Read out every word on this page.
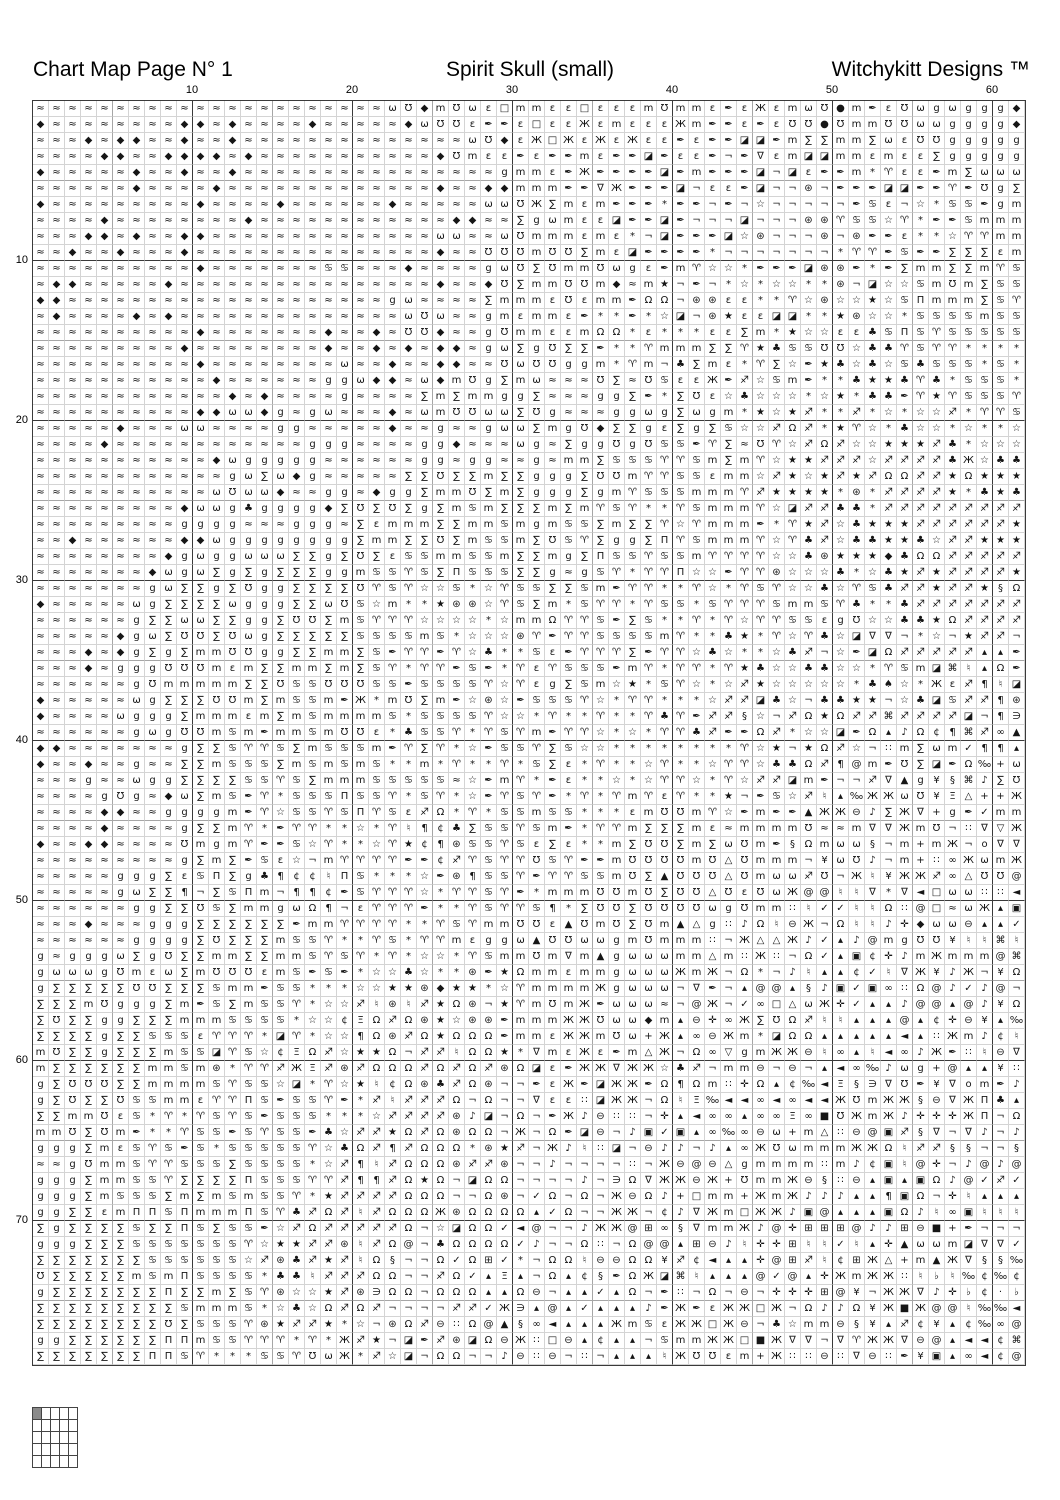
Chart Map Page N° 1	Spirit Skull (small)	Witchykitt Designs ™
10	20	30	40	50	60
10
20
30
40
50
60
70
≈ ≈ ≈ ≈ ≈ ≈ ≈ ≈ ≈ ≈ ≈ ≈ ≈ ≈ ≈ ≈ ≈ ≈ ≈ ≈ ≈ ≈ ω Ʊ ◆ m Ʊ ω ε □ m m ε	ε □ ε	ε	ε m Ʊ m m ε ✒ ε Ж ε m ω Ʊ ● m ✒ ε Ʊ ω g ω g g g ◆
◆ ≈ ≈ ≈ ≈ ≈ ≈ ≈ ≈ ◆ ◆ ≈ ◆ ≈ ≈ ≈ ≈ ◆ ≈ ≈ ≈ ≈ ≈ ◆ ω Ʊ Ʊ ε ✒ ✒ ε □ ε	ε Ж ε m ε	ε	ε Ж m ✒ ✒ ε ✒ ε Ʊ Ʊ ● Ʊ m m Ʊ Ʊ ω ω g g g g ◆
≈ ≈ ≈ ◆ ≈ ◆ ◆ ≈ ≈ ◆ ≈ ≈ ◆ ≈ ≈ ≈ ≈ ≈ ≈ ≈ ≈ ≈ ≈ ≈ ≈ ≈ ≈ ω Ʊ ◆ ε Ж □ Ж ε Ж ε Ж ε	ε ✒ ε ✒ ✒ ◪ ◪ ✒ m ∑ ∑ m m ∑ ω ε Ʊ Ʊ g g g g g
≈ ≈ ≈ ≈ ◆ ◆ ≈ ≈ ◆ ◆ ◆ ◆ ≈ ◆ ≈ ≈ ≈ ≈ ≈ ≈ ≈ ≈ ≈ ≈ ≈ ◆ Ʊ m ε	ε ✒ ε ✒ ✒ m ε ✒ ✒ ◪ ✒ ε	ε ✒ ¬ ✒ ∇ ε m ◪ ◪ m m ε m ε	ε ∑ g g g g g
◆ ≈ ≈ ≈ ≈ ≈ ◆ ≈ ≈ ◆ ≈ ≈ ◆ ≈ ≈ ≈ ≈ ≈ ≈ ≈ ≈ ≈ ≈ ≈ ≈ ≈ ≈ ≈ ≈ g m m ε ✒ Ж ✒ ✒ ✒ ✒ ◪ ✒ m ✒ ✒ ✒ ◪ ¬ ◪ ε ✒ ✒ m * ♈ ε	ε ✒ m ∑ ω ω ω
≈ ≈ ≈ ≈ ≈ ≈ ◆ ≈ ≈ ≈ ≈ ◆ ≈ ≈ ≈ ≈ ≈ ≈ ≈ ≈ ≈ ≈ ≈ ≈ ≈ ◆ ≈ ≈ ◆ ◆ m m m ✒ ✒ ∇ Ж ✒ ✒ ✒ ◪ ¬ ε	ε ✒ ◪ ¬ ¬ ⊛ ¬ ✒ ✒ ✒ ◪ ◪ ✒ ✒ ♈ ✒ Ʊ g ∑
◆ ≈ ≈ ≈ ≈ ≈ ≈ ≈ ≈ ≈ ◆ ≈ ≈ ≈ ≈ ◆ ≈ ≈ ≈ ≈ ≈ ≈ ◆ ≈ ≈ ≈ ≈ ≈ ω ω Ʊ Ж ∑ m ε m ✒ ✒ ✒ * ✒ ✒ ¬ ✒ ¬ ☆ ¬ ¬ ¬ ¬ ¬ ✒ ♋ ε ¬ ☆ * ♋ ♋ ✒ g m
≈ ≈ ≈ ≈ ◆ ≈ ≈ ≈ ≈ ≈ ≈ ≈ ≈ ◆ ≈ ≈ ≈ ≈ ≈ ≈ ≈ ≈ ≈ ≈ ≈ ≈ ◆ ◆ ≈ ≈ ∑ g ω m ε	ε ◪ ✒ ✒ ◪ ✒ ¬ ¬ ¬ ◪ ¬ ¬ ¬ ⊛ ⊛ ♈ ♋ ♋ ☆ ♈ * ✒ ✒ ♋ m m m
≈ ≈ ≈ ◆ ◆ ≈ ◆ ≈ ≈ ◆ ◆ ≈ ≈ ≈ ≈ ≈ ≈ ≈ ≈ ≈ ≈ ≈ ≈ ≈ ≈ ω ω ≈ ≈ ω Ʊ m m m ε m ε	* ¬ ◪ ✒ ✒ ✒ ◪ ☆ ⊛ ¬ ¬ ¬ ⊛ ¬ ⊛ ✒ ✒ ε	*	* ☆ ♈ ♈ m m
≈ ≈ ◆ ≈ ≈ ◆ ≈ ≈ ≈ ◆ ≈ ≈ ≈ ≈ ≈ ≈ ≈ ≈ ≈ ≈ ≈ ≈ ≈ ≈ ≈ ◆ ≈ ≈ Ʊ Ʊ Ʊ m Ʊ Ʊ ∑ m ε ◪ ✒ ✒ ✒ ✒ * ¬ ¬ ¬ ¬ ¬ ¬ ¬ * ♈ ♈ ✒ ♋ ✒ ✒ ∑ ∑ ∑ ε m
≈ ≈ ≈ ≈ ≈ ≈ ≈ ≈ ≈ ≈ ◆ ≈ ≈ ≈ ≈ ≈ ≈ ≈ ♋ ♋ ≈ ≈ ≈ ◆ ≈ ≈ ≈ ≈ g ω Ʊ ∑ Ʊ m m Ʊ ω g	ε ✒ m ♈ ☆ ☆ * ✒ ✒ ✒ ◪ ⊛ ⊛ ✒ * ✒ ∑ m m ∑ ∑ m ♈ ♋
≈ ◆ ◆ ≈ ≈ ≈ ≈ ≈ ◆ ≈ ≈ ≈ ≈ ≈ ≈ ≈ ≈ ≈ ≈ ≈ ≈ ≈ ≈ ≈ ≈ ◆ ≈ ≈ ◆ Ʊ ∑ m m Ʊ Ʊ m ◆ ≈ m ★ ¬ ✒ ¬ * ☆ * ☆ ☆ *	* ⊛ ¬ ◪ ☆ ☆ ♋ m Ʊ m ∑ ♋ ♋
◆ ◆ ≈ ≈ ≈ ≈ ≈ ≈ ≈ ≈ ≈ ≈ ≈ ≈ ≈ ≈ ≈ ≈ ≈ ≈ ≈ ≈ g ω ≈ ≈ ≈ ≈ ∑ m m m ε Ʊ ε m m ✒ Ω Ω ¬ ⊛ ⊛ ε	ε	*	* ♈ ☆ ⊛ ☆ ☆ ★ ☆ ♋ Π m m m ∑ ♋ ♈
≈ ◆ ≈ ≈ ≈ ≈ ◆ ≈ ◆ ≈ ≈ ≈ ≈ ≈ ≈ ≈ ≈ ≈ ≈ ≈ ≈ ≈ ≈ ω Ʊ ω ≈ ≈ g m ε m m ε ✒ *	* ✒ * ☆ ◪ ¬ ⊛ ★ ε	ε ◪ ◪ *	* ★ ⊛ ☆ ☆ * ♋ ♋ ♋ ♋ m ♋ ♋
≈ ≈ ≈ ≈ ≈ ≈ ≈ ≈ ≈ ≈ ◆ ≈ ≈ ≈ ≈ ≈ ≈ ≈ ◆ ≈ ≈ ◆ ≈ Ʊ Ʊ ◆ ≈ ≈ g Ʊ m m ε	ε m Ω Ω *	ε	*	*	*	ε	ε ∑ m * ★ ☆ ☆ ε	ε ♣ ♋ Π ♋ ♈ ♋ ♋ ♋ ♋ ♋
≈ ≈ ≈ ≈ ≈ ≈ ≈ ≈ ≈ ◆ ≈ ≈ ≈ ≈ ≈ ≈ ≈ ≈ ◆ ≈ ≈ ◆ ≈ ◆ ≈ ◆ ◆ ≈ g ω ∑ g Ʊ ∑ ∑ ✒ *	* ♈ m m m ∑ ∑ ♈ ★ ♣ ♋ ♋ Ʊ Ʊ ☆ ♣ ♣ ♈ ♋ ♈ ♈ *	*	*	*
≈ ≈ ≈ ≈ ≈ ≈ ≈ ≈ ≈ ≈ ◆ ≈ ≈ ≈ ≈ ≈ ≈ ≈ ≈ ω ≈ ≈ ◆ ≈ ≈ ◆ ◆ ≈ ≈ Ʊ ω Ʊ Ʊ g g m * ♈ m ¬ ♣ ∑ m ε	* ♈ ∑ ☆ ✒ ★ ♣ ☆ ♣ ☆ ♋ ♣ ♋ ♋ ♋ * ♋ *
≈ ≈ ≈ ≈ ≈ ≈ ≈ ≈ ≈ ≈ ≈ ◆ ≈ ≈ ≈ ≈ ≈ ≈ g g ω ◆ ◆ ≈ ω ◆ m Ʊ g ∑ m ω ≈ ≈ ≈ Ʊ ∑ ≈ Ʊ ♋ ε	ε Ж ✒ ♐ ☆ ♋ m ✒ *	* ♣ ★ ★ ♣ ♈ ♣ * ♋ ♋ ♋ *
≈ ≈ ≈ ≈ ≈ ≈ ≈ ≈ ≈ ≈ ≈ ≈ ◆ ≈ ◆ ≈ ≈ ≈ ≈ g ≈ ≈ ≈ ≈ ∑ m ∑ m m g g ∑ ≈ ≈ ≈ g g ∑ ✒ *	∑ Ʊ ε ☆ ♣ ☆ ☆ ☆ * ☆ ★ * ♣ ♣ ✒ ♈ ★ ♈ ♋ ♋ ♋ ♈
≈ ≈ ≈ ≈ ≈ ≈ ≈ ≈ ≈ ≈ ◆ ◆ ω ω ◆ g ≈ g ω ≈ ≈ ≈ ◆ ≈ ω m Ʊ Ʊ ω ω ∑ Ʊ g ≈ ≈ ≈ g g ω g ∑ ω g m * ★ ☆ ★ ♐ *	* ♐ * ☆ * ☆ ☆ ♐ * ♈ ♈ ♋
≈ ≈ ≈ ≈ ≈ ◆ ≈ ≈ ≈ ω ω ≈ ≈ ≈ ≈ g g ≈ ≈ ≈ ≈ ≈ ◆ ≈ ≈ g ≈ ≈ g ω ω ∑ m g Ʊ ◆ ∑ ∑ g	ε ∑ g ∑ ♋ ☆ ☆ ♐ Ω ♐ * ★ ♈ ☆ * ♣ ☆ ☆ * ☆ *	* ☆
≈ ≈ ≈ ≈ ◆ ≈ ≈ ≈ ≈ ≈ ≈ ≈ ≈ ≈ ≈ ≈ ≈ g g g ≈ ≈ ≈ ≈ g g ◆ ≈ ≈ ≈ ω g ≈ ∑ g g Ʊ g Ʊ ♋ ♋ ✒ ♈ ∑ ≈ Ʊ ♈ ☆ ♐ Ω ♐ ☆ ☆ ★ ★ ★ ♐ ♣ * ☆ ☆ ☆
≈ ≈ ≈ ≈ ≈ ≈ ≈ ≈ ≈ ≈ ≈ ◆ ω g g g g g ≈ ≈ ≈ ≈ ≈ ≈ g g ≈ g g ≈ ≈ g ≈ m m ∑ ♋ ♋ ♋ ♈ ♈ ♋ m ∑ m ♈ ☆ ★ ★ ♐ ♐ ♐ ☆ ♐ ♐ ♐ ♐ ♣ Ж ☆ ♣ ♣
≈ ≈ ≈ ≈ ≈ ≈ ≈ ≈ ≈ ≈ ≈ ≈ g ω ∑ ω ◆ g ≈ ≈ ≈ ≈ ≈ ∑ ∑ Ʊ ∑ ∑ m ∑ ∑ g g g ∑ Ʊ Ʊ m ♈ ♈ ♋ ♋ ε m m ☆ ♐ ★ ☆ ★ ♐ ★ ♐ Ω Ω ♐ ♐ ★ Ω ★ ★ ★
≈ ≈ ≈ ≈ ≈ ≈ ≈ ≈ ≈ ≈ ≈ ω Ʊ ω ω ◆ ≈ ≈ g g ≈ ◆ g g ∑ m m Ʊ ∑ m ∑ g g g ∑ g m ♈ ♋ ♋ ♋ m m m ♈ ♐ ★ ★ ★ ★ * ⊛ * ♐ ♐ ♐ ♐ ★ * ♣ ★ ♣
≈ ≈ ≈ ≈ ≈ ≈ ≈ ≈ ≈ ◆ ω ω g ♣ g g g g ◆ ∑ Ʊ ∑ Ʊ ∑ g ∑ m ♋ m ∑ ∑ ∑ m ∑ m ♈ ♋ ♈ *	* ♈ ♋ m m m ♈ ☆ ◪ ♐ ♐ ♣ ♣ * ♐ ♐ ♐ ♐ ♐ ♐ ♐ ♐ ♐
≈ ≈ ≈ ≈ ≈ ≈ ≈ ≈ ≈ g g g g ≈ ≈ ≈ g g g ≈ ∑ ε m m m ∑ ∑ m m ♋ m g m ♋ ♋ ∑ m ∑ ∑ ♈ ☆ ♈ m m m ✒ * ♈ ★ ♐ ☆ ♣ ★ ★ ★ ♐ ♐ ♐ ♐ ♐ ♐ ★
≈ ≈ ◆ ≈ ≈ ≈ ≈ ≈ ≈ ◆ ◆ ω g g g g g g g g ∑ m m ∑ ∑ Ʊ ∑ m ♋ ♋ m ∑ Ʊ ♋ ♈ ∑ g g ∑ Π ♈ ♋ m m m ♈ ☆ ♈ ♣ ♐ ☆ ♣ ♣ ★ ★ ♣ ☆ ♐ ♐ ★ ★ ★
≈ ≈ ≈ ≈ ≈ ≈ ≈ ≈ ◆ g ω g g ω ω ω ∑ ∑ g ∑ Ʊ ∑ ε ♋ ♋ m m ♋ ♋ m ∑ ∑ m g ∑ Π ♋ ♋ ♈ ♋ ♋ m ♈ ♈ ♈ ♈ ☆ ☆ ♣ ⊛ ★ ★ ★ ◆ ♣ Ω Ω ♐ ♐ ♐ ♐ ♐
≈ ≈ ≈ ≈ ≈ ≈ ≈ ◆ ω g ω ∑ g ∑ g ∑ ∑ ∑ g g m ♋ ♋ ♈ ♋ ∑ Π ♋ ♋ ♋ ∑ ∑ g ≈ g ♋ ♈ * ♈ ♈ Π ☆ ☆ ✒ ♈ ♈ ⊛ ☆ ☆ ☆ ♣ * ☆ ♣ ★ ♐ ★ ♐ ♐ ♐ ♐ ★
≈ ≈ ≈ ≈ ≈ ≈ ≈ g ω ∑ ∑ g ∑ Ʊ g g ∑ ∑ ∑ ∑ Ʊ ♈ ♋ ♈ ☆ ☆ ♋ * ☆ ♈ ♋ ♋ ∑ ∑ ♋ m ✒ ♈ ♈ *	* ♈ ☆ * ♈ ♋ ♈ ☆ ☆ ♣ ☆ ♈ ♋ ♣ ♐ ♐ ★ ♐ ♐ ★ § Ω
◆ ≈ ≈ ≈ ≈ ≈ ω g ∑ ∑ ∑ ∑ ω g g g ∑ ∑ ω Ʊ ♋ ☆ m *	* ★ ⊛ ⊛ ☆ ♈ ♋ ∑ m * ♋ ♈ ♈ * ♈ ♋ ♋ * ♋ ♈ ♈ ♈ ♋ m m ♋ ♈ ♣ *	* ♣ ♐ ♐ ♐ ♐ ♐ ♐ ♐
≈ ≈ ≈ ≈ ≈ ≈ g ∑ ∑ ω ω ∑ ∑ g g ∑ Ʊ Ʊ ∑ m ♋ ♈ ♈ ♈ ☆ ☆ ☆ ☆ * ☆ m m Ω ♈ ♈ ♋ ✒ ∑ ♋ *	* ♈ * ♈ ☆ ♈ ♈ ♋ ♋ ε	g Ʊ ☆ ☆ ♣ ♣ ★ Ω ♐ ♐ ♐ ♐
≈ ≈ ≈ ≈ ≈ ◆ g ω ∑ Ʊ Ʊ ∑ Ʊ ω g ∑ ∑ ∑ ∑ ∑ ♋ ♋ ♋ ♋ m ♋ * ☆ ☆ ☆ ⊛ ♈ ✒ ♈ ♈ ♋ ♋ ♋ ♋ m ♈ *	* ♣ ★ * ♈ ☆ ♈ ♣ ☆ ◪ ∇ ∇ ¬ * ☆ ¬ ★ ♐ ♐ ¬
≈ ≈ ≈ ◆ ≈ ◆ g ∑ g ∑ m m Ʊ Ʊ g g ∑ ∑ m m ∑ ♋ ✒ ♈ ♈ ✒ ♈ ☆ ♣ *	* ♋ ε ✒ ♈ ♈ ♈ ∑ ✒ ♈ ♈ ☆ ♣ ☆ *	* ☆ ♣ ♐ ¬ ☆ ✒ ◪ Ω ♐ ♐ ♐ ♐ ♐ ▴	▴ ✒
≈ ≈ ≈ ◆ ≈ g g g Ʊ Ʊ Ʊ m ε m ∑ ∑ m m ∑ m ∑ ♋ ♈ * ♈ ♈ ✒ ♋ ✒ * ♈ ε ♈ ♋ ♋ ♋ ✒ m ♈ * ♈ ♈ * ♈ ★ ♣ ☆ ☆ ♣ ♣ ☆ ☆ * ♈ ♋ m ◪ ⌘ ♮	▴ Ω ✒
≈ ≈ ≈ ≈ ≈ ≈ g Ʊ m m m m m ∑ ∑ Ʊ ♋ ♋ Ʊ Ʊ Ʊ ♋ ♋ ✒ ♋ ♋ ♋ ♋ ♈ ☆ ♈ ε	g ∑ ♋ m ☆ ★ * ♋ ♈ ☆ * ☆ ♐ ★ ☆ ☆ ☆ ☆ ☆ * ♣ ♠ ☆ * Ж ε ♐ ¶	♮ ◪
◆ ≈ ≈ ≈ ≈ ≈ ω g ∑ ∑ ∑ Ʊ Ʊ m ∑ m ♋ ♋ m ✒ Ж * m Ʊ ∑ m ✒ ☆ ⊛ ☆ ✒ ♋ ♋ ♋ ♈ ☆ * ♈ ♈ *	*	* ☆ ♐ ♐ ◪ ♣ ☆ ¬ ♣ ♣ ★ ★ ¬ ☆ ♣ ◪ ♋ ♐ ♐ ¶ ⊛
◆ ≈ ≈ ≈ ≈ ω g g g ∑ m m m ε m ∑ m ♋ m m m m ♋ * ♋ ♋ ♋ ♋ ♈ ☆ ☆ * ♈ *	* ♈ *	* ♈ ♣ ♈ ✒ ♐ ♐ § ☆ ¬ ♐ Ω ★ Ω ♐ ♐ ⌘ ♐ ♐ ♐ ♐ ◪ ¬ ¶ ∋
≈ ≈ ≈ ≈ ≈ ≈ g ω g Ʊ Ʊ m ♋ m ✒ m m ♋ m Ʊ Ʊ ε	* ♣ ♋ ♋ ♈ * ♈ ♋ ♈ m ✒ ♈ ♈ ☆ * ☆ * ♈ ♈ ♣ ♐ ✒ ✒ Ω ♐ * ☆ ☆ ◪ ✒ Ω ▴	♪ Ω ¢ ¶ ⌘ ♐ ∞ ▲
◆ ◆ ≈ ≈ ≈ ≈ ≈ ≈ ≈ g ∑ ∑ ♋ ♈ ♈ ♋ ∑ m ♋ ♋ ♋ m ✒ ♈ ∑ ♈ * ☆ ✒ ♋ ♋ ♈ ∑ ♋ ☆ ☆ *	*	*	*	*	*	*	* ♈ ☆ ★ ¬ ★ Ω ♐ ☆ ¬ ∷ m ∑ ω m ✓ ¶ ¶	▴
◆ ≈ ≈ ◆ ≈ ≈ g ≈ ≈ ∑ ∑ m ♋ ♋ ♋ ∑ m ♋ m ♋ m ♋ *	* m * ♈ *	* ♈ * ♋ ∑ ε	* ♈ *	* ☆ ♈ *	* ☆ ♈ ♈ ☆ ♣ ♣ Ω ♐ ¶ @ m ✒ Ʊ ∑ ◪ ✒ Ω ‰ + ω
≈ ≈ ≈ g ≈ ≈ ω g g ∑ ∑ ∑ ∑ ♋ ♋ ♈ ♋ ∑ m m m ♋ ♋ ♋ ♋ ♋ ≈ ☆ ✒ m ♈ * ✒ ε	*	* ☆ * ☆ ♈ ♈ ☆ * ♈ ☆ ♐ ♐ ◪ m ✒ ¬ ¬ ♐ ∇ ▲ g ¥	§ ⌘ ♪ ∑ Ʊ
≈ ≈ ≈ ≈ g Ʊ g ≈ ◆ ω ∑ m ♋ ✒ ♈ * ♋ ♋ ♋ Π ♋ ♋ ♈ * ♋ ♈ * ☆ ✒ ♈ ♋ ♈ ✒ * ♈ * ♈ m ♈ ε ♈ *	* ★ ¬ ✒ ♋ ☆ ♐ ♮	▴ ‰ Ж Ж ω Ʊ ¥ Ξ △ + + Ж
≈ ≈ ≈ ≈ ◆ ◆ ≈ ≈ g g g g m ✒ ♈ ☆ ♋ ♋ ♈ ♋ Π ♈ ♋ ε ♐ Ω * ♈ * ♋ ♋ m ♋ ♋ *	*	*	ε m Ʊ Ʊ m ♈ ☆ ✒ m ✒ ✒ ▲ Ж Ж ⊖ ♪ ∑ Ж ∇ + g ✒ ✓ m m
≈ ≈ ≈ ≈ ◆ ≈ ≈ ≈ ≈ g ∑ ∑ m ♈ * ✒ ♈ ♈ *	* ☆ * ♈ ♮	¶ ¢ ♣ ∑ ♋ ♋ ♈ ♋ m ✒ * ♈ ♈ m ∑ ∑ ∑ m ε ≈ m m m m Ʊ ≈ ≈ m ∇ ∇ Ж m Ʊ ¬ ∷ ∇ ▽ Ж
◆ ≈ ≈ ◆ ◆ ≈ ≈ ≈ ≈ Ʊ m g m ♈ ✒ ✒ ♋ ☆ ♈ *	* ☆ ♈ ★ ¢ ¶ ⊛ ♋ ♋ ♈ ♋ ε ∑ ε	*	* m ∑ Ʊ Ʊ ∑ m ∑ ω Ʊ m ✒ § Ω m ω ω § ¬ m + m Ж ¬ o ∇ ∇
≈ ≈ ≈ ≈ ≈ ≈ ≈ ≈ ≈ g ∑ m ∑ ✒ ♋ ε ☆ ¬ m ♈ ♈ ♈ ♈ ✒ ✒ ¢ ♐ ♈ ♋ ♈ ♈ Ʊ ♋ ♈ ✒ ✒ m Ʊ Ʊ Ʊ Ʊ m Ʊ △ Ʊ m m m ¬ ¥ ω Ʊ ♪ ¬ m + ∷ ∞ Ж ω m Ж
≈ ≈ ≈ ≈ ≈ g g g ∑ ε ♋ Π ∑ g ♣ ¶ ¢ ¢	♮	Π ♋ *	*	* ☆ ✒ ⊛ ¶ ♋ ♋ ♈ ✒ ♈ ♈ ♋ ♋ m Ʊ ∑ ▲ Ʊ Ʊ Ʊ △ Ʊ m ω ω ♐ Ʊ ¬ Ж ♮	¥ Ж Ж ♐ ∞ △ Ʊ Ʊ @
≈ ≈ ≈ ≈ ≈ g ω ∑ ∑ ¶ ¬ ∑ ♋ Π m ¬ ¶ ¶ ¢ ✒ ♋ ♈ ♈ ♈ ☆ * ♈ ♈ ♋ ♈ ✒ * m m m Ʊ Ʊ m Ʊ ∑ Ʊ Ʊ △ Ʊ ε Ʊ ω Ж @ @ ♮	♮	∇	*	∇ ◄ □ ω ω ∷ ∷ ◄
≈ ≈ ≈ ≈ ≈ ≈ g g ∑ ∑ Ʊ ♋ ∑ m m g ω Ω ¶ ¬ ε ♈ ♈ ♈ ✒ *	* ♈ ♋ ♈ ♈ ♋ ¶	*	∑ Ʊ Ʊ ∑ Ʊ Ʊ Ʊ Ʊ ω g Ʊ m m ∷	♮	✓ ✓	♮	♮	Ω ∷ @ □ ≈ ω Ж ▴ ▣
≈ ≈ ≈ ◆ ≈ ≈ ≈ g g g ∑ ∑ ∑ ∑ ∑ ∑ ✒ m m ♈ ♈ ♈ ♈ *	* ♈ ♋ ♈ m m Ʊ Ʊ ε ▲ Ʊ m Ʊ ∑ Ʊ m ▲ △ g ∷ ♪ Ω	♮	⊖ Ж ¬ Ω	♮	♮	♪ ✛ ◆ ω ω ⊖ ▴	▴ ✓
≈ ≈ ≈ ≈ ≈ ≈ g g g g ∑ Ʊ ∑ ∑ ∑ m ♋ ♋ ♈ *	* ♈ ♋ * ♈ ♈ m ε	g g ω ▲ Ʊ Ʊ ω ω g m Ʊ m m m ∷ ¬ Ж △ △ Ж ♪ ✓ ▴	♪ @ m g Ʊ Ʊ ¥	♮	♮ ⌘ ♮
g ≈ g g g ω ∑ g Ʊ ∑ ∑ m m ∑ ∑ m m ♋ ♈ ♋ ♈ * ♈ * ☆ ☆ * ♈ ♋ m m Ʊ m ∇ m ▲ g ω ω ω m m △ m ∷ Ж ∷ ¬ Ω ✓ ▴ ▣ ¢ ✛ ♪ m Ж m m m @ ⌘
g ω ω ω g Ʊ m ε ω ∑ m Ʊ Ʊ Ʊ ε m ♋ ✒ ♋ ✒ * ☆ ☆ ♣ ☆ *	* ⊛ ✒ ★ Ω m m ε m m g ω ω ω Ж m Ж ¬ Ω * ¬ ♪	♮	▴	▴	¢ ✓	♮	∇ Ж ¥ ♪ Ж ¬ ¥ Ω
g ∑ ∑ ∑ ∑ ∑ Ʊ Ʊ ∑ ∑ ∑ ♋ m m ✒ ♋ ♋ *	*	* ☆ ☆ ★ ★ ⊛ ◆ ★ ★ * ☆ ♈ m m m m Ж g ω ω ω ¬ ∇ ✒ ¬ ▴ @ @ ▴	§	♪ ▣ ✓ ▣ ∞ ∷ Ω @ ♪ ✓ ♪ @ ¬
∑ ∑ ∑ m Ʊ g g g ∑ m ✒ ♋ ∑ m ♋ ♋ ♈ * ☆ ☆ ♐ ♮	⊛	♮ ♐ ★ Ω ⊛ ¬ ★ ♈ m Ʊ m Ж ✒ ω ω ω ≈ ¬ @ Ж ¬ ✓ ∞ □ △ ω Ж ✛ ✓ ▴	▴	♪ @ @ ▴ @ ♪ ¥ Ω
∑ Ʊ ∑ ∑ g g ∑ ∑ ∑ m m m ♋ ♋ ♋ ♋ * ☆ ☆ ¢ Ξ Ω ♐ Ω ⊛ ★ ☆ ⊛ ⊛ ✒ m m m Ж Ж Ʊ ω ω ◆ m ▴ ⊖ ✛ ∞ Ж ∑ Ʊ Ω ♐ ♮	♮	▴	▴	▴ @ ▴	¢ ✛ ⊖ ¥	▴ ‰
∑ ∑ ∑ ∑ g ∑ ∑ ♋ ♋ ♋ ε ♈ ♈ ♈ * ◪ ♈ * ☆ ☆ ¶ Ω ⊛ ♐ Ω ★ Ω Ω Ω ✒ m m ε Ж Ж m Ʊ ω + Ж ▴ ∞ ⊖ Ж m * ◪ Ω Ω ▴	▴	▴	▴	▴ ◄ ▴	∷ Ж m ♪ ¢	♮
m Ʊ ∑ ∑ g ∑ ∑ ∑ m ♋ ♋ ◪ ♈ ♋ ☆ ¢ Ξ Ω ♐ ☆ ★ ★ Ω ¬ ♐ ♐ ♮	Ω Ω ★ *	∇ m ε Ж ε ✒ m △ Ж ¬ Ω ∞ ▽ g m Ж Ж ⊖	♮	∞ ▴	♮	◄ ∞ ♪ Ж ✒ ∷	♮	⊖ ∇
m ∑ ∑ ∑ ∑ ∑ ∑ m m ♋ m ⊛ * ♈ ♈ ♐ Ж Ξ ♐ ⊛ ♐ Ω Ω Ω ♐ Ω ♐ Ω ♐ ⊛ Ω ◪ ε ✒ Ж Ж ∇ Ж Ж ☆ ♣ ♐ ¬ m m ⊖ ¬ ⊖ ¬ ▴ ◄ ∞ ‰ ♪ ω g + @ ▴	▴	¥ ∷
g ∑ Ʊ Ʊ Ʊ ∑ ∑ m m m m ♋ ♈ ♋ ♋ ☆ ◪ * ♈ ☆ ★ ♮	¢ Ω ⊛ ♣ ♐ Ω ⊛ ¬ ¬ ✒ ε Ж ✒ ◪ Ж Ж ✒ Ω ¶ Ω m ∷ ✛ Ω ▴	¢ ‰ ◄ Ξ	§ ∋ ∇ Ʊ ✒ ¥ ∇ o m ✒ ♪
g ∑ Ʊ ∑ ∑ Ʊ ♋ ♋ m m ε ♈ ♈ Π ♋ ✒ ♋ ♋ ♈ ✒ * ♐ ♮ ♐ ♐ ♐ Ω ¬ Ω ¬ ¬ ∇ ε	ε	∷ ◪ Ж Ж ¬ Ω	♮	Ξ ‰ ◄ ◄ ∞ ◄ ∞ ◄ ◄ Ж Ʊ m Ж Ж § ⊖ ∇ Ж Π ♣ ▴
∑ ∑ m m Ʊ ε ♋ * ♈ * ♈ ♋ ♈ ♋ ✒ ♋ ♋ ♋ *	*	* ☆ ♐ ♐ ♐ ♐ ⊛ ♪ ◪ ¬ Ω ¬ ✒ Ж ♪ ⊖ ∷ ∷ ¬ ✛ ▴ ◄ ∞ ∞ ▴ ∞ ∞ Ξ ∞ ■ Ʊ Ж m Ж ♪ ✛ ✛ ✛ Ж Π ¬ Ω
m m Ʊ ∑ Ʊ m ✒ *	* ♈ ♋ ♋ ✒ ♋ ♈ ♋ ♋ ✒ ♣ ☆ ♐ ♐ ★ Ω ♐ Ω ⊛ Ω Ω ¬ Ж ¬ Ω ✒ ◪ ⊖ ¬ ♪ ▣ ✓ ▣ ▴ ∞ ‰ ∞ ⊖ ω + m △ ∷ ⊖ @ ▣ ♐ §	∇ ¬ ∇ ♪ ¬ ♪
g g g ∑ m ε ♋ ♈ ♋ ✒ ♋ * ♋ ♋ ♋ ♋ ♋ ♈ ☆ ♣ Ω ♐ ¶ ♐ Ω Ω Ω * ⊛ ★ ♐ ¬ Ж ♪	♮	∷ ◪ ¬ ⊖ ♪ ♪ ¬ ♪	▴ ∞ Ж Ʊ ω m m m Ж Ж Ω	♮ ♐ ♐ §	§ ¬ ¬ §
≈ ≈ g Ʊ m m ♋ ♈ ♈ ♋ ♋ ♋ ∑ ♋ ♋ ♋ ♋ * ☆ ♐ ¶	♮ ♐ Ω Ω Ω ⊛ ♐ ♐ ⊛ ¬ ¬ ♪ ¬ ¬ ¬ ¬ ∷ ¬ Ж ⊖ @ ⊖ △ g m m m m ∷ m ♪ ¢ ▣ ♮ @ ✛ ¬ ♪ @ ♪ @
g g g ∑ m m ♋ ♋ ♈ ∑ ∑ ∑ ∑ Π ♋ ♋ ♋ ♈ ♈ ♐ ¶ ¶ ♐ Ω ★ Ω ¬ ◪ Ω Ω ¬ ¬ ¬ ¬ ♪ ¬ ∋ Ω ∇ Ж Ж ⊖ Ж + Ʊ m m Ж ⊖ §	∷ ⊖ ▴ ▣ ▴ ▣ Ω ♪ @ ✓ ♐ ✓
g g g ∑ m ♋ ♋ ♋ ∑ m ∑ m ♋ m ♋ ♋ ♈ * ★ ♐ ♐ ♐ ♐ Ω Ω Ω ¬ ¬ Ω ⊛ ¬ ✓ Ω ¬ Ω ¬ Ж ⊖ Ω ♪ + □ m m + Ж m Ж ♪ ♪ ♪	▴	▴	¶ ▣ Ω ¬ ✛	♮	▴	▴	▴
g g ∑ ∑ ε m Π Π ♋ Π m m m Π ♋ ♈ ♣ ♐ Ω ♐ ♮ ♐ Ω Ω Ω Ж ⊛ Ω Ω Ω Ω ▴ ✓ Ω ¬ ¬ Ж Ж ¬ ¢ ♪ ∇ Ж m □ Ж Ж ♪ ▣ @ ▴	▴	▴ ▣ Ω ♪	♮	∞ ▣ ♮	♮	♮
∑ g ∑ ∑ ∑ ∑ ♋ ∑ ∑ Π ♋ ∑ ♋ ♋ ✒ ☆ ♐ Ω ♐ ♐ ♐ ♐ ♐ Ω ¬ ☆ ◪ Ω Ω ✓ ◄ @ ¬ ¬ ♪ Ж Ж @ ⊞ ∞ §	∇ m m Ж ♪ @ ✛ ⊞ ⊞ ⊞ @ ♪ ♪ ⊞ ⊖ ■ + ✒ ¬ ¬ ¬
g g g ∑ ∑ ∑ ♋ ♋ ♋ ♋ ♋ ♋ ♋ ♈ ☆ ★ ★ ♐ ♐ ⊛	♮ ♐ Ω @ ¬ ♣ Ω Ω Ω Ω ✓ ♪ ¬ ¬ Ω ∷ ¬ Ω @ @ ▴ ⊞ ⊖ ♪	♮	✛ ✛ ⊞	♮	♮	✓	♮	▴ ✛ ▲ ω ω m ◪ ∇ ∇ ✓
∑ ∑ ∑ ∑ ∑ ∑ ∑ ♋ ♋ ♋ ♋ ♋ ♋ ☆ ♐ ⊛ ♣ ♐ ★ ♐ ♮	Ω § ¬ ¬ Ω ✓ Ω ⊞ ✓ * ¬ Ω Ω	♮	⊖ ⊖ Ω Ω ¥ ♐ ¢ ◄ ▴	▴ ✛ @ ⊞ ♐ ♮	¢ ⊞ Ж △ + m ▲ Ж ∇	§	§ ‰
Ʊ ∑ ∑ ∑ ∑ ∑ m ♋ m Π ♋ ♋ ♋ ♋ * ♣ ♣ ♮ ♐ ♐ ♐ Ω Ω ¬ ¬ ♐ Ω ✓ ▴	Ξ	▴ ¬ Ω ▴	¢	§ ✒ Ω Ж ◪ ⌘ ♮	▴	▴	▴ @ ✓ @ ▴ ✛ Ж m Ж Ж ∷	♮	♭	♮ ‰ ¢ ‰ ¢
g ∑ ∑ ∑ ∑ ∑ ∑ ∑ Π ∑ ∑ m ∑ ♋ ♈ ⊛ ☆ ☆ ★ ♐ ⊛ ∋ Ω Ω ¬ Ω Ω Ω ▴	▴ Ω ⊖ ¬ ▴	▴ ✓ ▴ Ω ¬ ✒ ∷ ¬ Ω ¬ ⊖ ¬ ✛ ✛ ✛ ⊞ @ ¥ ¬ Ж Ж ∇ ♪ ✛ ♭	¢	·	♭
∑ ∑ ∑ ∑ ∑ ∑ ∑ ∑ ∑ ♋ m m m ♋ * ☆ ♣ ☆ Ω ♐ Ω ♐ ¬ ¬ ¬ ¬ ♐ ♐ ✓ Ж ∋ ▴ @ ▴ ✓ ▴	▴	▴	♪ ✒ Ж ✒ ε Ж Ж □ Ж ¬ Ω ♪ ♪ Ω ¥ Ж ■ Ж @ @ ♮ ‰ ‰ ◄
∑ ∑ ∑ ∑ ∑ ∑ ∑ ∑ Ʊ ∑ ♋ ♋ ♋ ♈ ⊛ ★ ♐ ♐ ★ * ☆ ¬ ⊛ Ω ♐ ⊖ ∷ Ω @ ▲ § ∞ ◄ ▴	▴	▴ Ж m ♋ ε Ж Ж □ Ж ⊖ ¬ ♣ ☆ m m ⊖ §	¥	▴ ♐ ¢ ¥	▴	¢ ‰ ∞ @
g g ∑ ∑ ∑ ∑ ∑ ∑ Π Π m ♋ ♋ ♈ ♈ ♈ * ♈ * Ж ♐ ★ ¬ ◪ ✒ ♐ ⊛ ◪ Ω ⊖ Ж ∷ □ ⊖ ▴	¢	▴	▴ ¬ ♋ m m Ж Ж □ ■ Ж ∇ ∇ ¬ ∇ ♈ Ж Ж ∇ ⊖ @ ▴ ◄ ◄ ¢ ⌘
∑ ∑ ∑ ∑ ∑ ∑ ∑ Π Π ♋ ♈ *	*	* ♋ ♋ ♈ Ʊ ω Ж * ♐ ☆ ◪ ¬ Ω Ω ¬ ¬ ♪ ⊖ ∷ ⊖ ¬ ∷ ¬ ▴	▴	▴	♮ Ж Ʊ Ʊ ε m + Ж ∷ ∷ ⊖ ∷ ∇ ⊖ ∷ ✒ ¥ ▣ ▴ ∞ ◄ ¢ @
